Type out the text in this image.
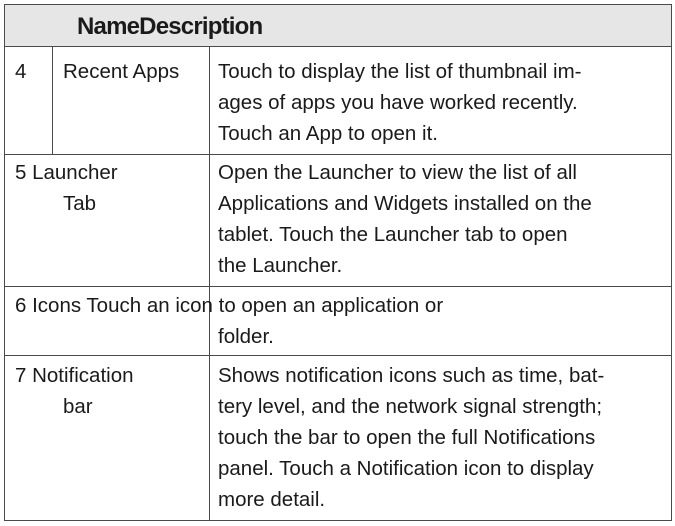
NameDescription
4 Recent Apps Touch to display the list of thumbnail im-
ages of apps you have worked recently.
Touch an App to open it.
5 Launcher
Tab
Open the Launcher to view the list of all
Applications and Widgets installed on the
tablet. Touch the Launcher tab to open
the Launcher.
6 Icons Touch an icon to open an application or
folder.
7 Notification
bar
Shows notification icons such as time, bat-
tery level, and the network signal strength;
touch the bar to open the full Notifications
panel. Touch a Notification icon to display
more detail.
